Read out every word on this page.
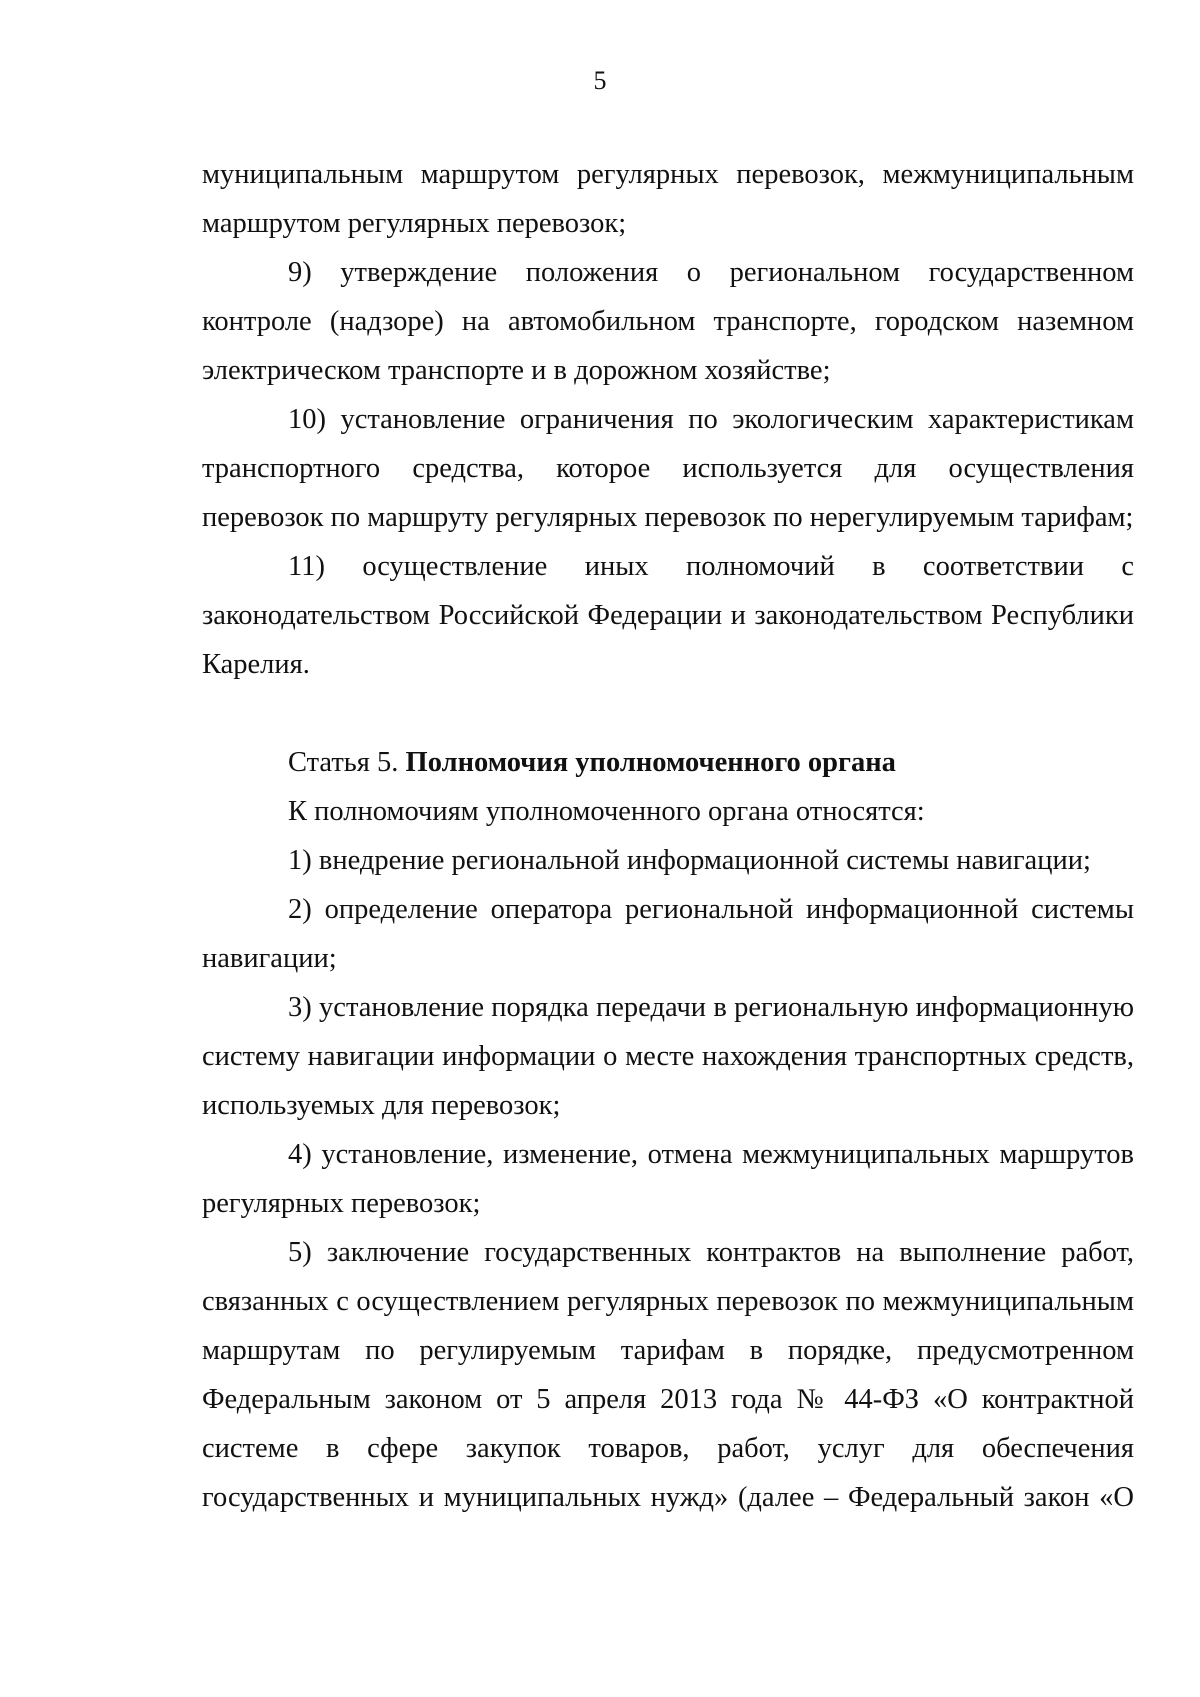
5

муниципальным маршрутом регулярных перевозок, межмуниципальным маршрутом регулярных перевозок;

9) утверждение положения о региональном государственном контроле (надзоре) на автомобильном транспорте, городском наземном электрическом транспорте и в дорожном хозяйстве;

10) установление ограничения по экологическим характеристикам транспортного средства, которое используется для осуществления перевозок по маршруту регулярных перевозок по нерегулируемым тарифам;

11) осуществление иных полномочий в соответствии с законодательством Российской Федерации и законодательством Республики Карелия.

Статья 5. Полномочия уполномоченного органа

К полномочиям уполномоченного органа относятся:

1) внедрение региональной информационной системы навигации;

2) определение оператора региональной информационной системы навигации;

3) установление порядка передачи в региональную информационную систему навигации информации о месте нахождения транспортных средств, используемых для перевозок;

4) установление, изменение, отмена межмуниципальных маршрутов регулярных перевозок;

5) заключение государственных контрактов на выполнение работ, связанных с осуществлением регулярных перевозок по межмуниципальным маршрутам по регулируемым тарифам в порядке, предусмотренном Федеральным законом от 5 апреля 2013 года № 44-ФЗ «О контрактной системе в сфере закупок товаров, работ, услуг для обеспечения государственных и муниципальных нужд» (далее – Федеральный закон «О
